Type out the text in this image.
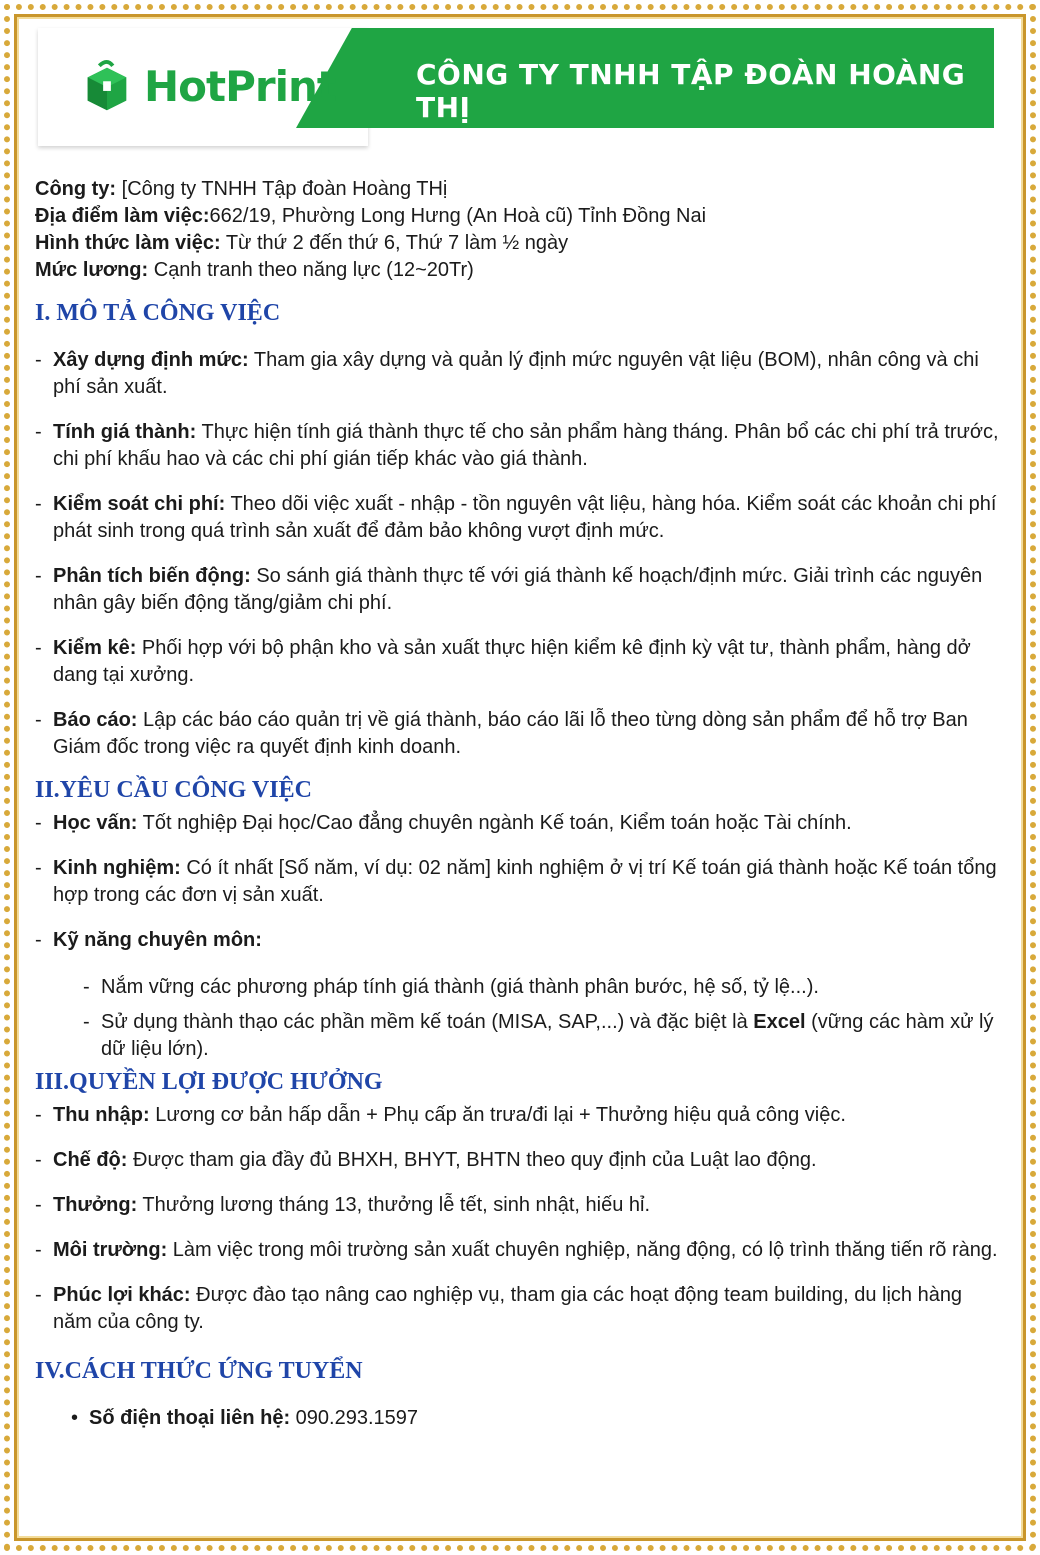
HotPrint	CÔNG TY TNHH TẬP ĐOÀN HOÀNG THỊ

Công ty: [Công ty TNHH Tập đoàn Hoàng THị

Địa điểm làm việc:662/19, Phường Long Hưng (An Hoà cũ) Tỉnh Đồng Nai

Hình thức làm việc: Từ thứ 2 đến thứ 6, Thứ 7 làm ½ ngày

Mức lương: Cạnh tranh theo năng lực (12~20Tr)

I. MÔ TẢ CÔNG VIỆC
- Xây dựng định mức: Tham gia xây dựng và quản lý định mức nguyên vật liệu (BOM), nhân công và chi phí sản xuất.
- Tính giá thành: Thực hiện tính giá thành thực tế cho sản phẩm hàng tháng. Phân bổ các chi phí trả trước, chi phí khấu hao và các chi phí gián tiếp khác vào giá thành.
- Kiểm soát chi phí: Theo dõi việc xuất - nhập - tồn nguyên vật liệu, hàng hóa. Kiểm soát các khoản chi phí phát sinh trong quá trình sản xuất để đảm bảo không vượt định mức.
- Phân tích biến động: So sánh giá thành thực tế với giá thành kế hoạch/định mức. Giải trình các nguyên nhân gây biến động tăng/giảm chi phí.
- Kiểm kê: Phối hợp với bộ phận kho và sản xuất thực hiện kiểm kê định kỳ vật tư, thành phẩm, hàng dở dang tại xưởng.
- Báo cáo: Lập các báo cáo quản trị về giá thành, báo cáo lãi lỗ theo từng dòng sản phẩm để hỗ trợ Ban Giám đốc trong việc ra quyết định kinh doanh.
II.YÊU CẦU CÔNG VIỆC
- Học vấn: Tốt nghiệp Đại học/Cao đẳng chuyên ngành Kế toán, Kiểm toán hoặc Tài chính.
- Kinh nghiệm: Có ít nhất [Số năm, ví dụ: 02 năm] kinh nghiệm ở vị trí Kế toán giá thành hoặc Kế toán tổng hợp trong các đơn vị sản xuất.
- Kỹ năng chuyên môn:
- Nắm vững các phương pháp tính giá thành (giá thành phân bước, hệ số, tỷ lệ...).
- Sử dụng thành thạo các phần mềm kế toán (MISA, SAP,...) và đặc biệt là Excel (vững các hàm xử lý dữ liệu lớn).
III.QUYỀN LỢI ĐƯỢC HƯỞNG
- Thu nhập: Lương cơ bản hấp dẫn + Phụ cấp ăn trưa/đi lại + Thưởng hiệu quả công việc.
- Chế độ: Được tham gia đầy đủ BHXH, BHYT, BHTN theo quy định của Luật lao động.
- Thưởng: Thưởng lương tháng 13, thưởng lễ tết, sinh nhật, hiếu hỉ.
- Môi trường: Làm việc trong môi trường sản xuất chuyên nghiệp, năng động, có lộ trình thăng tiến rõ ràng.
- Phúc lợi khác: Được đào tạo nâng cao nghiệp vụ, tham gia các hoạt động team building, du lịch hàng năm của công ty.
IV.CÁCH THỨC ỨNG TUYỂN
• Số điện thoại liên hệ: 090.293.1597
